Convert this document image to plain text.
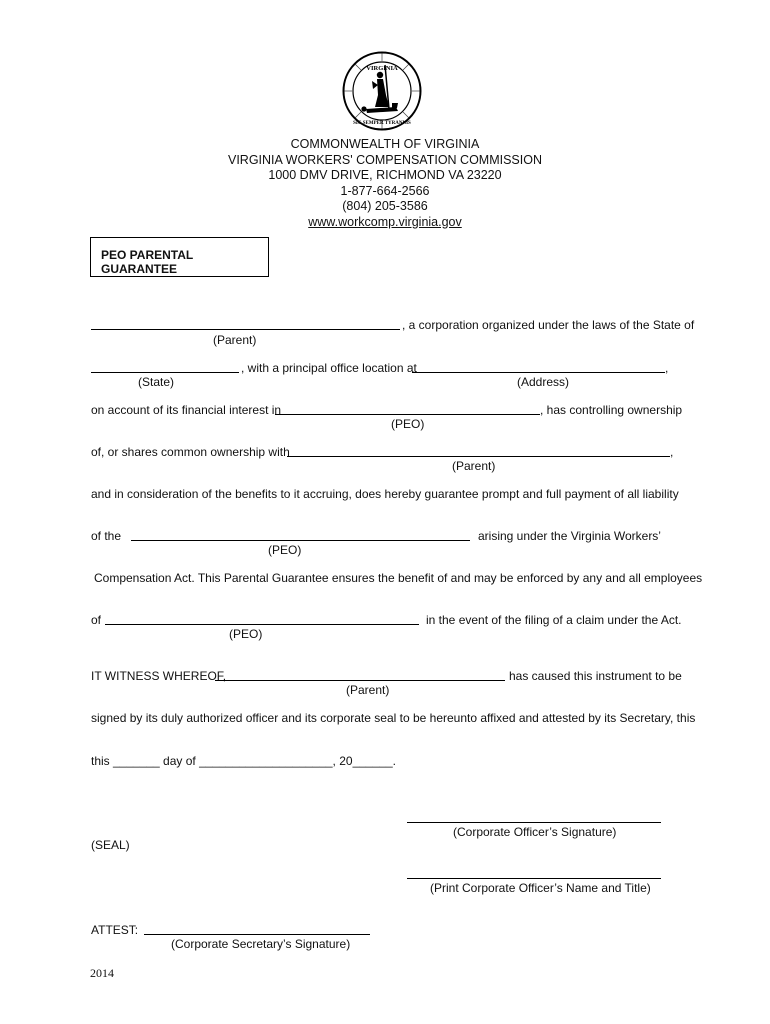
VIRGINIA
SIC SEMPER TYRANNIS
COMMONWEALTH OF VIRGINIA
VIRGINIA WORKERS' COMPENSATION COMMISSION
1000 DMV DRIVE, RICHMOND VA 23220
1-877-664-2566
(804) 205-3586
www.workcomp.virginia.gov
PEO PARENTAL GUARANTEE
, a corporation organized under the laws of the State of
(Parent)
, with a principal office location at	,
(State)	(Address)
on account of its financial interest in	, has controlling ownership
(PEO)
of, or shares common ownership with	,
(Parent)
and in consideration of the benefits to it accruing, does hereby guarantee prompt and full payment of all liability
of the	arising under the Virginia Workers’
(PEO)
Compensation Act. This Parental Guarantee ensures the benefit of and may be enforced by any and all employees
of	in the event of the filing of a claim under the Act.
(PEO)
IT WITNESS WHEREOF,	has caused this instrument to be
(Parent)
signed by its duly authorized officer and its corporate seal to be hereunto affixed and attested by its Secretary, this
this _______ day of ____________________, 20______.
(Corporate Officer’s Signature)
(SEAL)
(Print Corporate Officer’s Name and Title)
ATTEST:
(Corporate Secretary’s Signature)
2014
